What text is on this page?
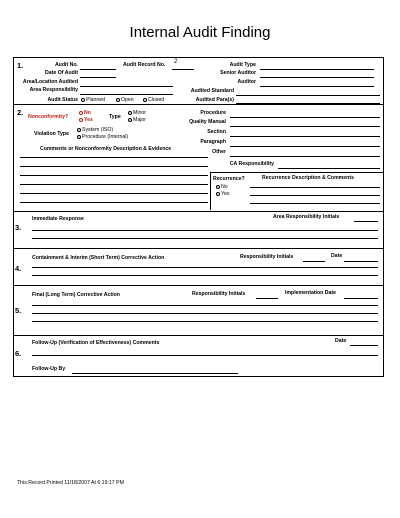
Internal Audit Finding
1.	Audit No.	Audit Record No. 2
Date Of Audit
Area/Location Audited
Area Responsibility
Audit Status	Planned	Open	Closed
Audit Type
Senior Auditor
Auditor
Audited Standard
Audited Para(s)
2. Nonconformity?
No
Yes	Type
Minor
Major
Violation Type
System (ISO)
Procedure (Internal)
Comments or Nonconformity Description & Evidence
Procedure
Quality Manual
Section
Paragraph
Other
CA Responsibility
Recurrence?
No
Yes
Recurrence Description & Comments
Immediate Response	Area Responsibility Initials
3.
Containment & Interim (Short Term) Corrective Action	Responsibility Initials	Date
4.
Final (Long Term) Corrective Action	Responsibility Initials	Implementation Date
5.
Follow-Up (Verification of Effectiveness) Comments	Date
6.
Follow-Up By
This Record Printed 11/18/2007 At 6:19:17 PM
